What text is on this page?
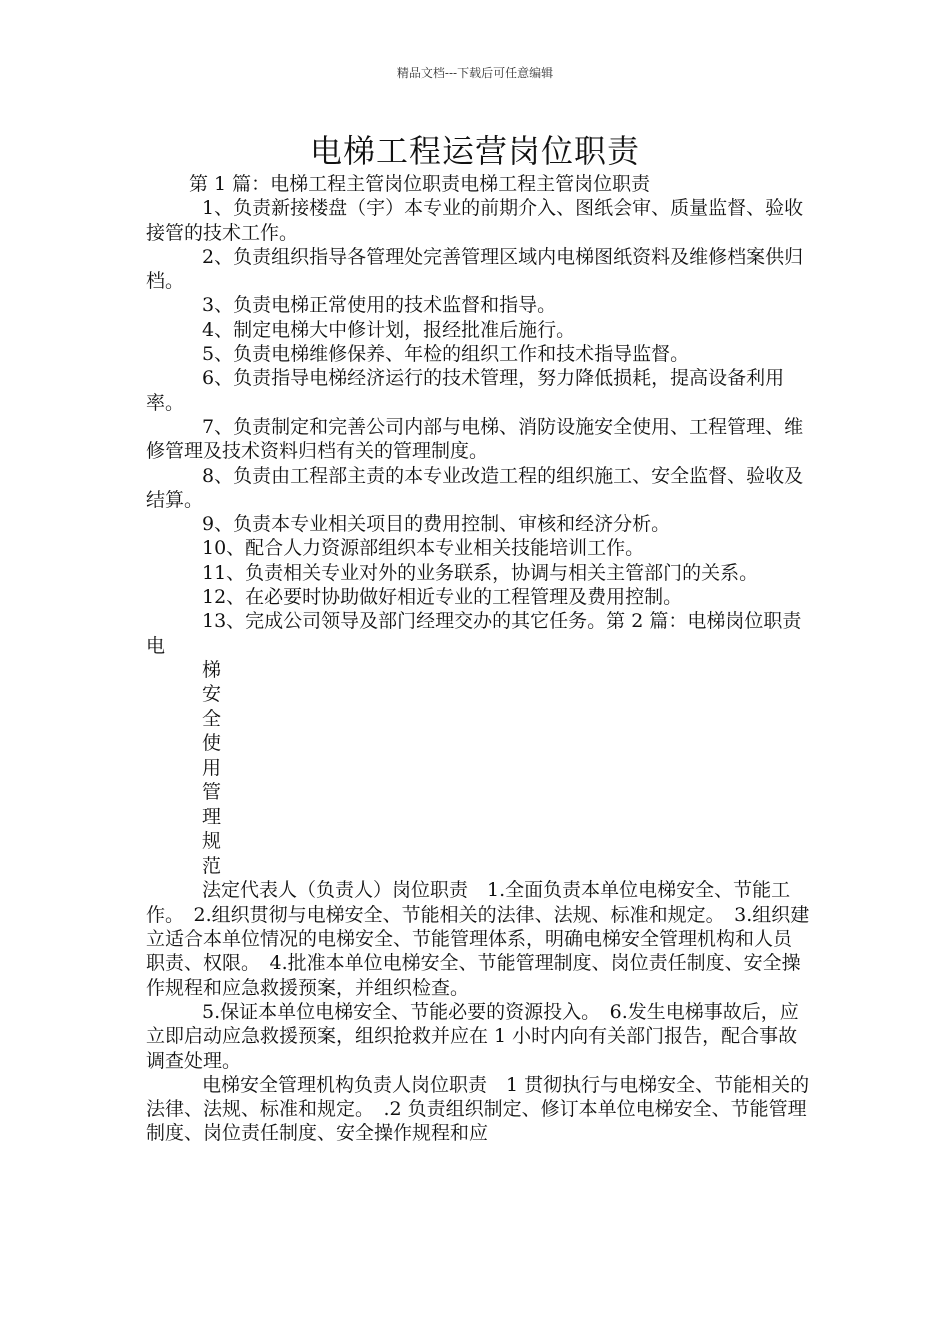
精品文档---下载后可任意编辑
电梯工程运营岗位职责

第 1 篇：电梯工程主管岗位职责电梯工程主管岗位职责

1、负责新接楼盘（宇）本专业的前期介入、图纸会审、质量监督、验收接管的技术工作。

2、负责组织指导各管理处完善管理区域内电梯图纸资料及维修档案供归档。

3、负责电梯正常使用的技术监督和指导。

4、制定电梯大中修计划，报经批准后施行。

5、负责电梯维修保养、年检的组织工作和技术指导监督。

6、负责指导电梯经济运行的技术管理，努力降低损耗，提高设备利用率。

7、负责制定和完善公司内部与电梯、消防设施安全使用、工程管理、维修管理及技术资料归档有关的管理制度。

8、负责由工程部主责的本专业改造工程的组织施工、安全监督、验收及结算。

9、负责本专业相关项目的费用控制、审核和经济分析。

10、配合人力资源部组织本专业相关技能培训工作。

11、负责相关专业对外的业务联系，协调与相关主管部门的关系。

12、在必要时协助做好相近专业的工程管理及费用控制。

13、完成公司领导及部门经理交办的其它任务。第 2 篇：电梯岗位职责电

梯

安

全

使

用

管

理

规

范

法定代表人（负责人）岗位职责　1.全面负责本单位电梯安全、节能工作。　2.组织贯彻与电梯安全、节能相关的法律、法规、标准和规定。　3.组织建立适合本单位情况的电梯安全、节能管理体系，明确电梯安全管理机构和人员职责、权限。　4.批准本单位电梯安全、节能管理制度、岗位责任制度、安全操作规程和应急救援预案，并组织检查。

5.保证本单位电梯安全、节能必要的资源投入。　6.发生电梯事故后，应立即启动应急救援预案，组织抢救并应在 1 小时内向有关部门报告，配合事故调查处理。

电梯安全管理机构负责人岗位职责　1 贯彻执行与电梯安全、节能相关的法律、法规、标准和规定。　.2 负责组织制定、修订本单位电梯安全、节能管理制度、岗位责任制度、安全操作规程和应
